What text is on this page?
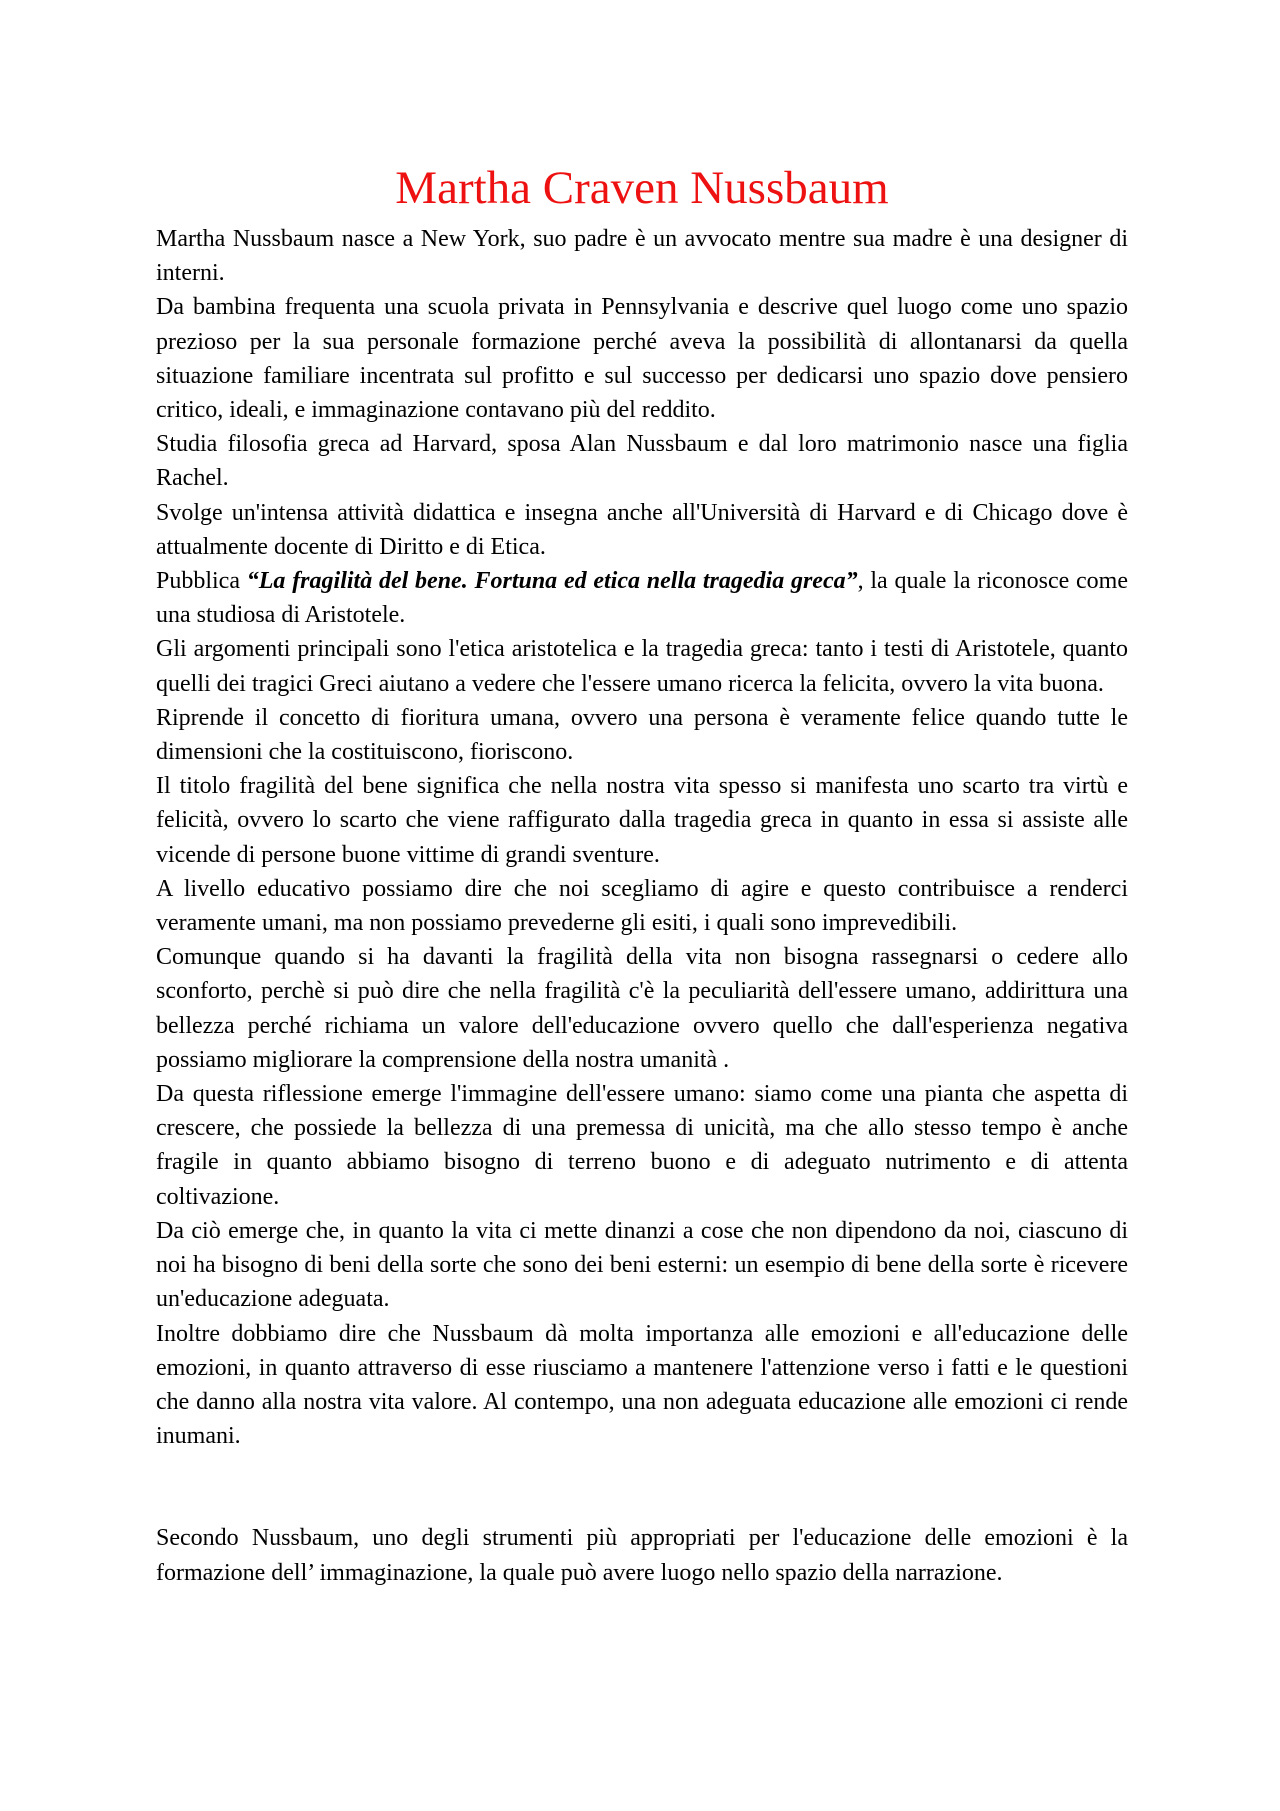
Martha Craven Nussbaum

Martha Nussbaum nasce a New York, suo padre è un avvocato mentre sua madre è una designer di interni.

Da bambina frequenta una scuola privata in Pennsylvania e descrive quel luogo come uno spazio prezioso per la sua personale formazione perché aveva la possibilità di allontanarsi da quella situazione familiare incentrata sul profitto e sul successo per dedicarsi uno spazio dove pensiero critico, ideali, e immaginazione contavano più del reddito.

Studia filosofia greca ad Harvard, sposa Alan Nussbaum e dal loro matrimonio nasce una figlia Rachel.

Svolge un'intensa attività didattica e insegna anche all'Università di Harvard e di Chicago dove è attualmente docente di Diritto e di Etica.

Pubblica “La fragilità del bene. Fortuna ed etica nella tragedia greca”, la quale la riconosce come una studiosa di Aristotele.

Gli argomenti principali sono l'etica aristotelica e la tragedia greca: tanto i testi di Aristotele, quanto quelli dei tragici Greci aiutano a vedere che l'essere umano ricerca la felicita, ovvero la vita buona.

Riprende il concetto di fioritura umana, ovvero una persona è veramente felice quando tutte le dimensioni che la costituiscono, fioriscono.

Il titolo fragilità del bene significa che nella nostra vita spesso si manifesta uno scarto tra virtù e felicità, ovvero lo scarto che viene raffigurato dalla tragedia greca in quanto in essa si assiste alle vicende di persone buone vittime di grandi sventure.

A livello educativo possiamo dire che noi scegliamo di agire e questo contribuisce a renderci veramente umani, ma non possiamo prevederne gli esiti, i quali sono imprevedibili.

Comunque quando si ha davanti la fragilità della vita non bisogna rassegnarsi o cedere allo sconforto, perchè si può dire che nella fragilità c'è la peculiarità dell'essere umano, addirittura una bellezza perché richiama un valore dell'educazione ovvero quello che dall'esperienza negativa possiamo migliorare la comprensione della nostra umanità .

Da questa riflessione emerge l'immagine dell'essere umano: siamo come una pianta che aspetta di crescere, che possiede la bellezza di una premessa di unicità, ma che allo stesso tempo è anche fragile in quanto abbiamo bisogno di terreno buono e di adeguato nutrimento e di attenta coltivazione.

Da ciò emerge che, in quanto la vita ci mette dinanzi a cose che non dipendono da noi, ciascuno di noi ha bisogno di beni della sorte che sono dei beni esterni: un esempio di bene della sorte è ricevere un'educazione adeguata.

Inoltre dobbiamo dire che Nussbaum dà molta importanza alle emozioni e all'educazione delle emozioni, in quanto attraverso di esse riusciamo a mantenere l'attenzione verso i fatti e le questioni che danno alla nostra vita valore. Al contempo, una non adeguata educazione alle emozioni ci rende inumani.

Secondo Nussbaum, uno degli strumenti più appropriati per l'educazione delle emozioni è la formazione dell’ immaginazione, la quale può avere luogo nello spazio della narrazione.
